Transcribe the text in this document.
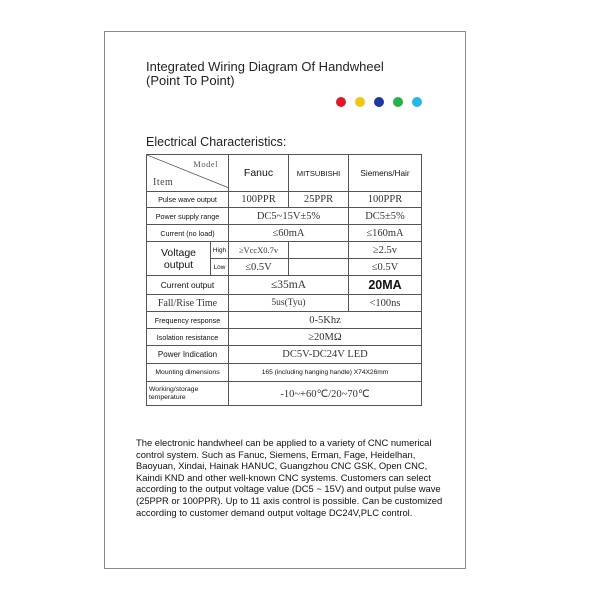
Integrated Wiring Diagram Of Handwheel
(Point To Point)
Electrical Characteristics:
Model
Item		Fanuc	MITSUBISHI	Siemens/Hair
Pulse wave output		100PPR	25PPR	100PPR
Power supply range		DC5~15V±5%		DC5±5%
Current (no load)		≤60mA		≤160mA
Voltage output	High	≥VccX0.7v		≥2.5v
	Low	≤0.5V		≤0.5V
Current output		≤35mA		20MA
Fall/Rise Time		5us(Tyu)		<100ns
Frequency response		0-5Khz		
Isolation resistance		≥20MΩ		
Power Indication		DC5V-DC24V LED		
Mounting dimensions		165 (including hanging handle) X74X26mm		
Working/storage temperature		-10~+60℃/20~70℃		

The electronic handwheel can be applied to a variety of CNC numerical control system. Such as Fanuc, Siemens, Erman, Fage, Heidelhan, Baoyuan, Xindai, Hainak HANUC, Guangzhou CNC GSK, Open CNC, Kaindi KND and other well-known CNC systems. Customers can select according to the output voltage value (DC5 ~ 15V) and output pulse wave (25PPR or 100PPR). Up to 11 axis control is possible. Can be customized according to customer demand output voltage DC24V,PLC control.
